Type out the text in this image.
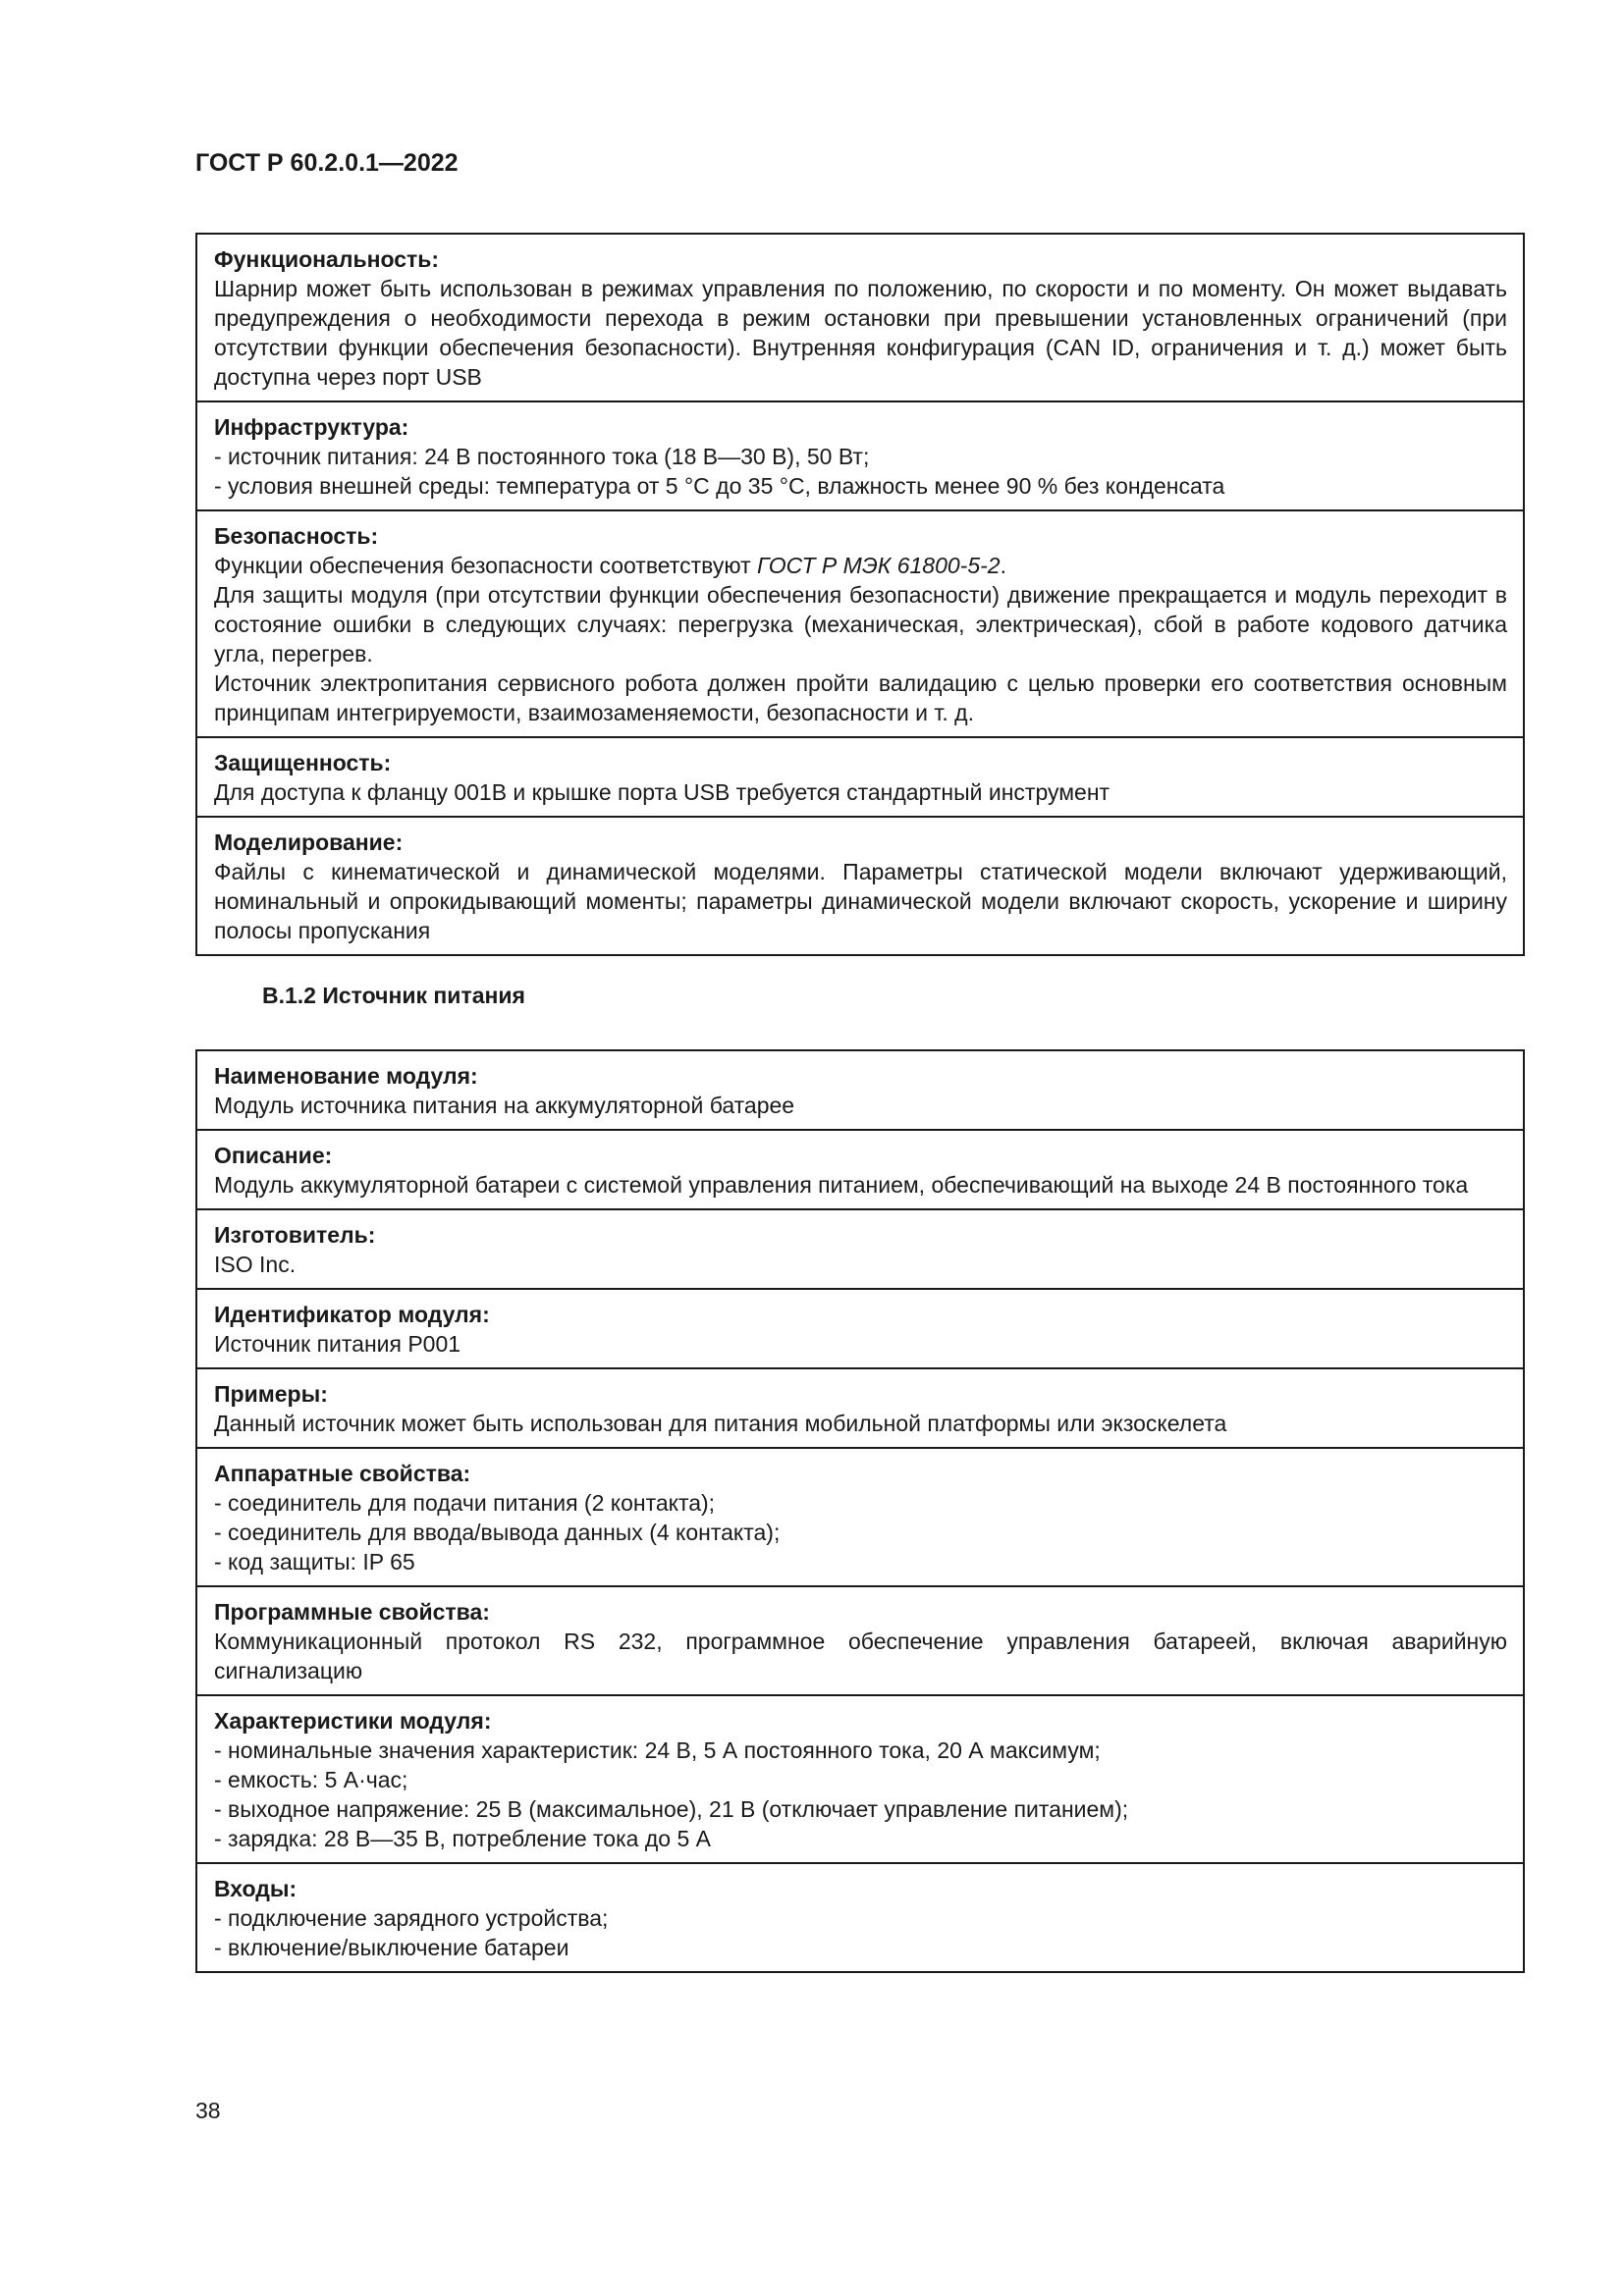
ГОСТ Р 60.2.0.1—2022
Функциональность:
Шарнир может быть использован в режимах управления по положению, по скорости и по моменту. Он может выдавать предупреждения о необходимости перехода в режим остановки при превышении установленных ограничений (при отсутствии функции обеспечения безопасности). Внутренняя конфигурация (CAN ID, ограничения и т. д.) может быть доступна через порт USB
Инфраструктура:
- источник питания: 24 В постоянного тока (18 В—30 В), 50 Вт;
- условия внешней среды: температура от 5 °С до 35 °С, влажность менее 90 % без конденсата
Безопасность:
Функции обеспечения безопасности соответствуют ГОСТ Р МЭК 61800-5-2.
Для защиты модуля (при отсутствии функции обеспечения безопасности) движение прекращается и модуль переходит в состояние ошибки в следующих случаях: перегрузка (механическая, электрическая), сбой в работе кодового датчика угла, перегрев.
Источник электропитания сервисного робота должен пройти валидацию с целью проверки его соответствия основным принципам интегрируемости, взаимозаменяемости, безопасности и т. д.
Защищенность:
Для доступа к фланцу 001В и крышке порта USB требуется стандартный инструмент
Моделирование:
Файлы с кинематической и динамической моделями. Параметры статической модели включают удерживающий, номинальный и опрокидывающий моменты; параметры динамической модели включают скорость, ускорение и ширину полосы пропускания
В.1.2 Источник питания
Наименование модуля:
Модуль источника питания на аккумуляторной батарее
Описание:
Модуль аккумуляторной батареи с системой управления питанием, обеспечивающий на выходе 24 В постоянного тока
Изготовитель:
ISO Inc.
Идентификатор модуля:
Источник питания P001
Примеры:
Данный источник может быть использован для питания мобильной платформы или экзоскелета
Аппаратные свойства:
- соединитель для подачи питания (2 контакта);
- соединитель для ввода/вывода данных (4 контакта);
- код защиты: IP 65
Программные свойства:
Коммуникационный протокол RS 232, программное обеспечение управления батареей, включая аварийную сигнализацию
Характеристики модуля:
- номинальные значения характеристик: 24 В, 5 А постоянного тока, 20 А максимум;
- емкость: 5 А·час;
- выходное напряжение: 25 В (максимальное), 21 В (отключает управление питанием);
- зарядка: 28 В—35 В, потребление тока до 5 А
Входы:
- подключение зарядного устройства;
- включение/выключение батареи
38
